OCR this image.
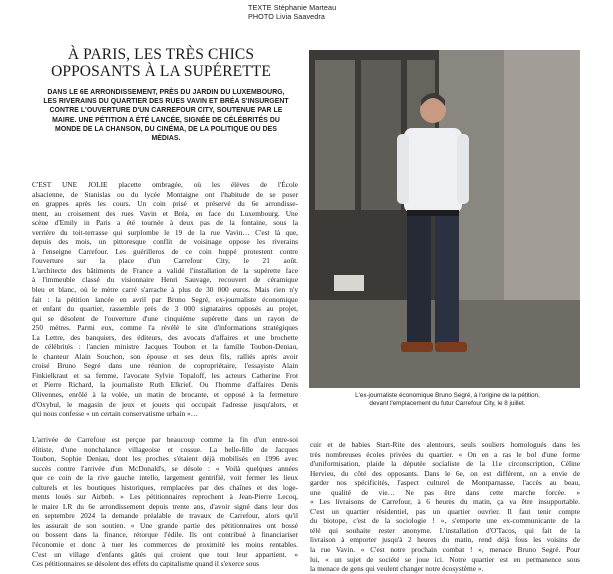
TEXTE Stéphanie Marteau
PHOTO Livia Saavedra
À PARIS, LES TRÈS CHICS
OPPOSANTS À LA SUPÉRETTE

DANS LE 6E ARRONDISSEMENT, PRÈS DU JARDIN DU LUXEMBOURG, LES RIVERAINS DU QUARTIER DES RUES VAVIN ET BRÉA S'INSURGENT CONTRE L'OUVERTURE D'UN CARREFOUR CITY, SOUTENUE PAR LE MAIRE. UNE PÉTITION A ÉTÉ LANCÉE, SIGNÉE DE CÉLÉBRITÉS DU MONDE DE LA CHANSON, DU CINÉMA, DE LA POLITIQUE OU DES MÉDIAS.

C'EST UNE JOLIE placette ombragée, où les élèves de l'École
alsacienne, de Stanislas ou du lycée Montaigne ont l'habitude de se poser
en grappes après les cours. Un coin prisé et préservé du 6e arrondisse-
ment, au croisement des rues Vavin et Bréa, en face du Luxembourg. Une
scène d'Emily in Paris a été tournée à deux pas de la fontaine, sous la
verrière du toit-terrasse qui surplombe le 19 de la rue Vavin… C'est là que,
depuis des mois, un pittoresque conflit de voisinage oppose les riverains
à l'enseigne Carrefour. Les guérilleros de ce coin huppé protestent contre
l'ouverture sur la place d'un Carrefour City, le 21 août.
L'architecte des bâtiments de France a validé l'installation de la supérette face
à l'immeuble classé du visionnaire Henri Sauvage, recouvert de céramique
bleu et blanc, où le mètre carré s'arrache à plus de 30 000 euros. Mais rien n'y
fait : la pétition lancée en avril par Bruno Segré, ex-journaliste économique
et enfant du quartier, rassemble près de 3 000 signataires opposés au projet,
qui se désolent de l'ouverture d'une cinquième supérette dans un rayon de
250 mètres. Parmi eux, comme l'a révélé le site d'informations stratégiques
La Lettre, des banquiers, des éditeurs, des avocats d'affaires et une brochette
de célébrités : l'ancien ministre Jacques Toubon et la famille Toubon-Deniau,
le chanteur Alain Souchon, son épouse et ses deux fils, ralliés après avoir
croisé Bruno Segré dans une réunion de copropriétaire, l'essayiste Alain
Finkielkraut et sa femme, l'avocate Sylvie Topaloff, les acteurs Catherine Frot
et Pierre Richard, la journaliste Ruth Elkrief. Ou l'homme d'affaires Denis
Olivennes, enrôlé à la volée, un matin de brocante, et opposé à la fermeture
d'Oxybul, le magasin de jeux et jouets qui occupait l'adresse jusqu'alors, et
qui nous confesse « un certain conservatisme urbain »…

L'ex-journaliste économique Bruno Segré, à l'origine de la pétition,
devant l'emplacement du futur Carrefour City, le 8 juillet.

L'arrivée de Carrefour est perçue par beaucoup comme la fin d'un entre-soi
élitiste, d'une nonchalance villageoise et cossue. La belle-fille de Jacques
Toubon, Sophie Deniau, dont les proches s'étaient déjà mobilisés en 1996 avec
succès contre l'arrivée d'un McDonald's, se désole : « Voilà quelques années
que ce coin de la rive gauche intello, largement gentrifié, voit fermer les lieux
culturels et les boutiques historiques, remplacées par des chaînes et des loge-
ments loués sur Airbnb. » Les pétitionnaires reprochent à Jean-Pierre Lecoq,
le maire LR du 6e arrondissement depuis trente ans, d'avoir signé dans leur dos
en septembre 2024 la demande préalable de travaux de Carrefour, alors qu'il
les assurait de son soutien. « Une grande partie des pétitionnaires ont bossé
ou bossent dans la finance, rétorque l'édile. Ils ont contribué à financiariser
l'économie et donc à tuer les commerces de proximité les moins rentables.
C'est un village d'enfants gâtés qui croient que tout leur appartient. »
Ces pétitionnaires se désolent des effets du capitalisme quand il s'exerce sous
cuir et de babies Start-Rite des alentours, seuls souliers homologués dans les
très nombreuses écoles privées du quartier. « On en a ras le bol d'une forme
d'uniformisation, plaide la députée socialiste de la 11e circonscription, Céline
Hervieu, du côté des opposants. Dans le 6e, on est différent, on a envie de
garder nos spécificités, l'aspect culturel de Montparnasse, l'accès au beau,
une qualité de vie… Ne pas être dans cette marche forcée. »
« Les livraisons de Carrefour, à 6 heures du matin, ça va être insupportable.
C'est un quartier résidentiel, pas un quartier ouvrier. Il faut tenir compte
du biotope, c'est de la sociologie ! », s'emporte une ex-communicante de la
télé qui souhaite rester anonyme. L'installation d'O'Tacos, qui fait de la
livraison à emporter jusqu'à 2 heures du matin, rend déjà fous les voisins de
la rue Vavin. « C'est notre prochain combat ! », menace Bruno Segré. Pour
lui, « un sujet de société se joue ici. Notre quartier est en permanence sous
la menace de gens qui veulent changer notre écosystème ».
